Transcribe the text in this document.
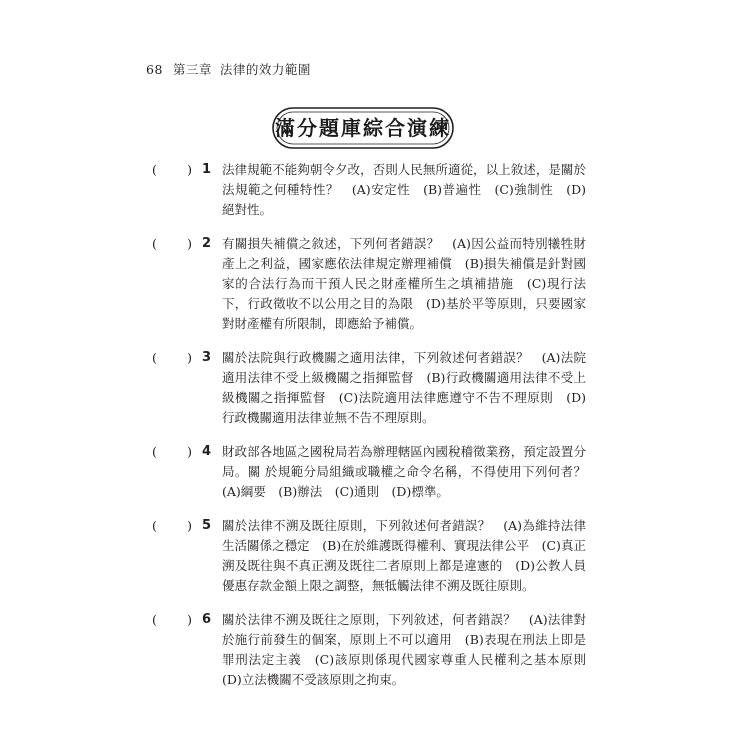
68 第三章 法律的效力範圍
滿分題庫綜合演練
( ) 1 法律規範不能夠朝令夕改，否則人民無所適從，以上敘述，是關於法規範之何種特性？　(A)安定性　(B)普遍性　(C)強制性　(D)絕對性。
( ) 2 有關損失補償之敘述，下列何者錯誤？　(A)因公益而特別犧牲財產上之利益，國家應依法律規定辦理補償　(B)損失補償是針對國家的合法行為而干預人民之財產權所生之填補措施　(C)現行法下，行政徵收不以公用之目的為限　(D)基於平等原則，只要國家對財產權有所限制，即應給予補償。
( ) 3 關於法院與行政機關之適用法律，下列敘述何者錯誤？　(A)法院適用法律不受上級機關之指揮監督　(B)行政機關適用法律不受上級機關之指揮監督　(C)法院適用法律應遵守不告不理原則　(D)行政機關適用法律並無不告不理原則。
( ) 4 財政部各地區之國稅局若為辦理轄區內國稅稽徵業務，預定設置分局。關 於規範分局組織或職權之命令名稱，不得使用下列何者？　(A)綱要　(B)辦法　(C)通則　(D)標準。
( ) 5 關於法律不溯及既往原則，下列敘述何者錯誤？　(A)為維持法律生活關係之穩定　(B)在於維護既得權利、實現法律公平　(C)真正溯及既往與不真正溯及既往二者原則上都是違憲的　(D)公教人員優惠存款金額上限之調整，無牴觸法律不溯及既往原則。
( ) 6 關於法律不溯及既往之原則，下列敘述，何者錯誤？　(A)法律對於施行前發生的個案，原則上不可以適用　(B)表現在刑法上即是罪刑法定主義　(C)該原則係現代國家尊重人民權利之基本原則　(D)立法機關不受該原則之拘束。
